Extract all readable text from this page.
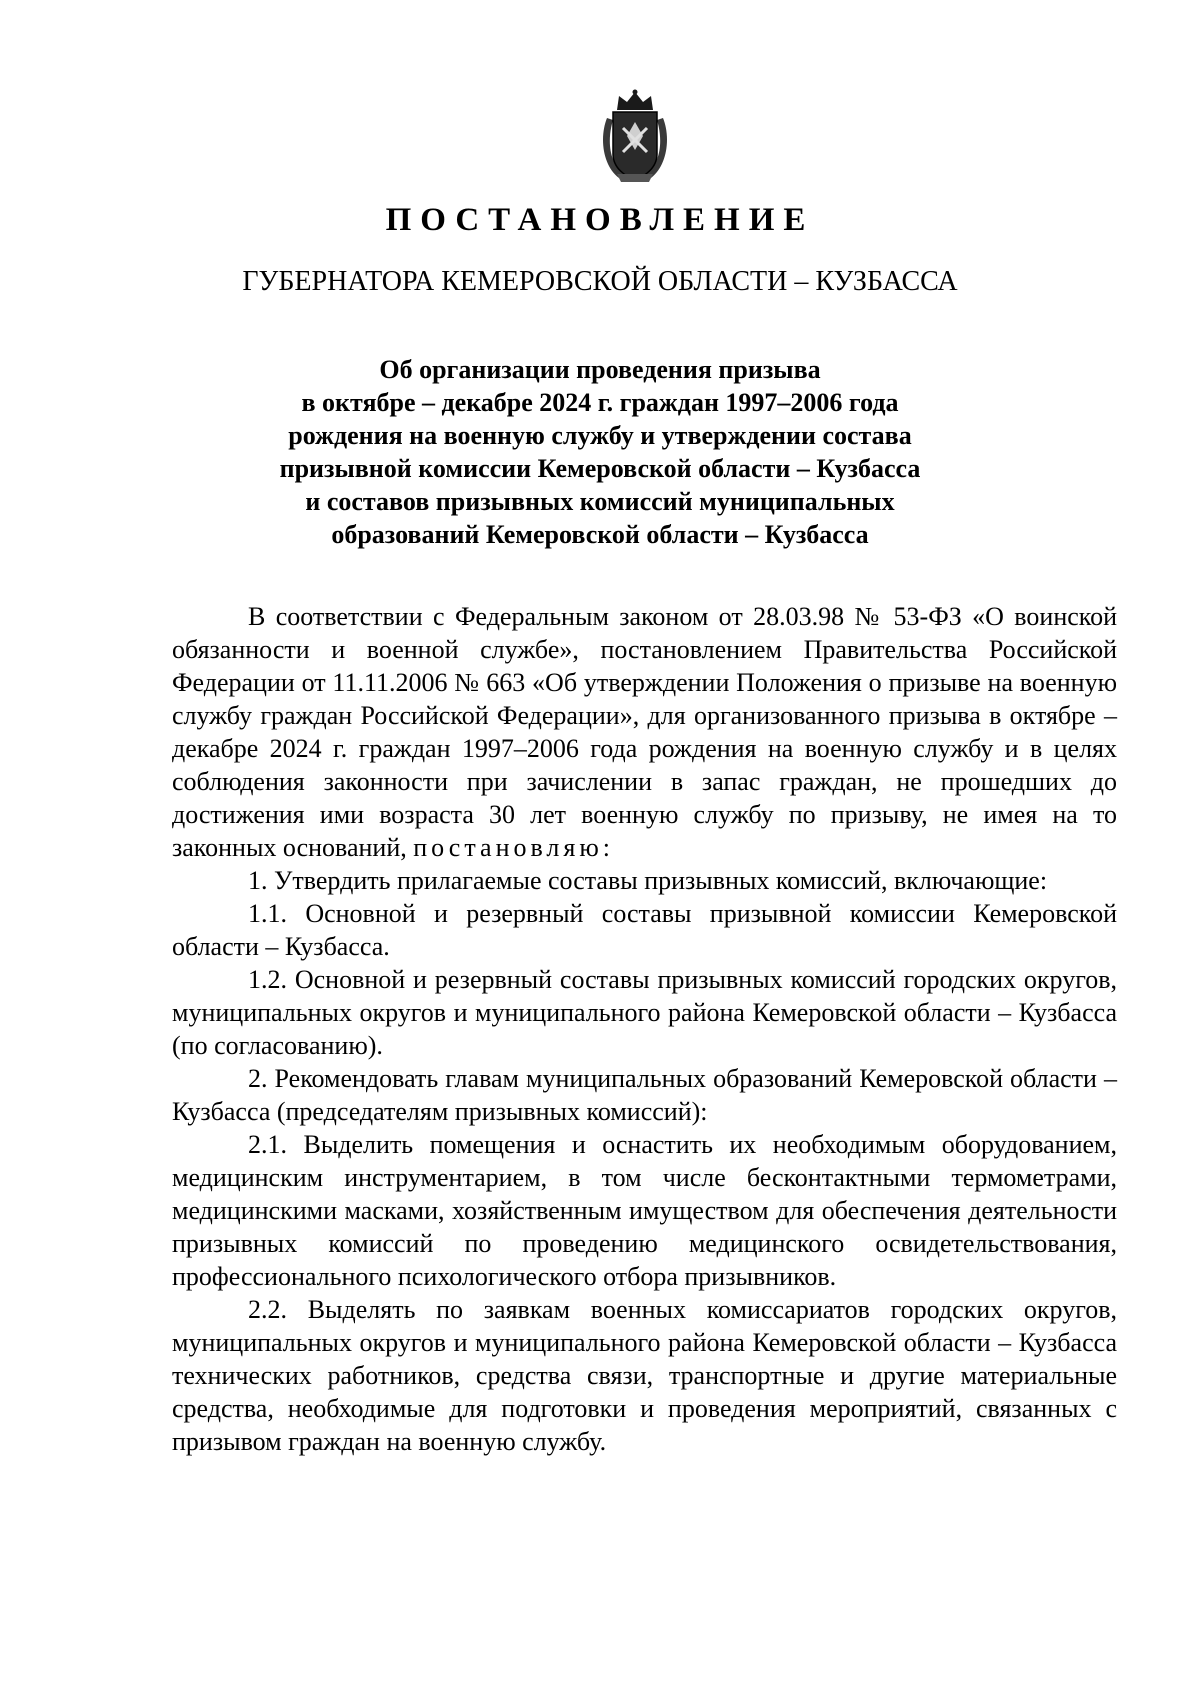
ПОСТАНОВЛЕНИЕ
ГУБЕРНАТОРА КЕМЕРОВСКОЙ ОБЛАСТИ – КУЗБАССА
Об организации проведения призыва
в октябре – декабре 2024 г. граждан 1997–2006 года
рождения на военную службу и утверждении состава
призывной комиссии Кемеровской области – Кузбасса
и составов призывных комиссий муниципальных
образований Кемеровской области – Кузбасса

В соответствии с Федеральным законом от 28.03.98 № 53-ФЗ «О воинской обязанности и военной службе», постановлением Правительства Российской Федерации от 11.11.2006 № 663 «Об утверждении Положения о призыве на военную службу граждан Российской Федерации», для организованного призыва в октябре – декабре 2024 г. граждан 1997–2006 года рождения на военную службу и в целях соблюдения законности при зачислении в запас граждан, не прошедших до достижения ими возраста 30 лет военную службу по призыву, не имея на то законных оснований, постановляю:

1. Утвердить прилагаемые составы призывных комиссий, включающие:

1.1. Основной и резервный составы призывной комиссии Кемеровской области – Кузбасса.

1.2. Основной и резервный составы призывных комиссий городских округов, муниципальных округов и муниципального района Кемеровской области – Кузбасса (по согласованию).

2. Рекомендовать главам муниципальных образований Кемеровской области – Кузбасса (председателям призывных комиссий):

2.1. Выделить помещения и оснастить их необходимым оборудованием, медицинским инструментарием, в том числе бесконтактными термометрами, медицинскими масками, хозяйственным имуществом для обеспечения деятельности призывных комиссий по проведению медицинского освидетельствования, профессионального психологического отбора призывников.

2.2. Выделять по заявкам военных комиссариатов городских округов, муниципальных округов и муниципального района Кемеровской области – Кузбасса технических работников, средства связи, транспортные и другие материальные средства, необходимые для подготовки и проведения мероприятий, связанных с призывом граждан на военную службу.
